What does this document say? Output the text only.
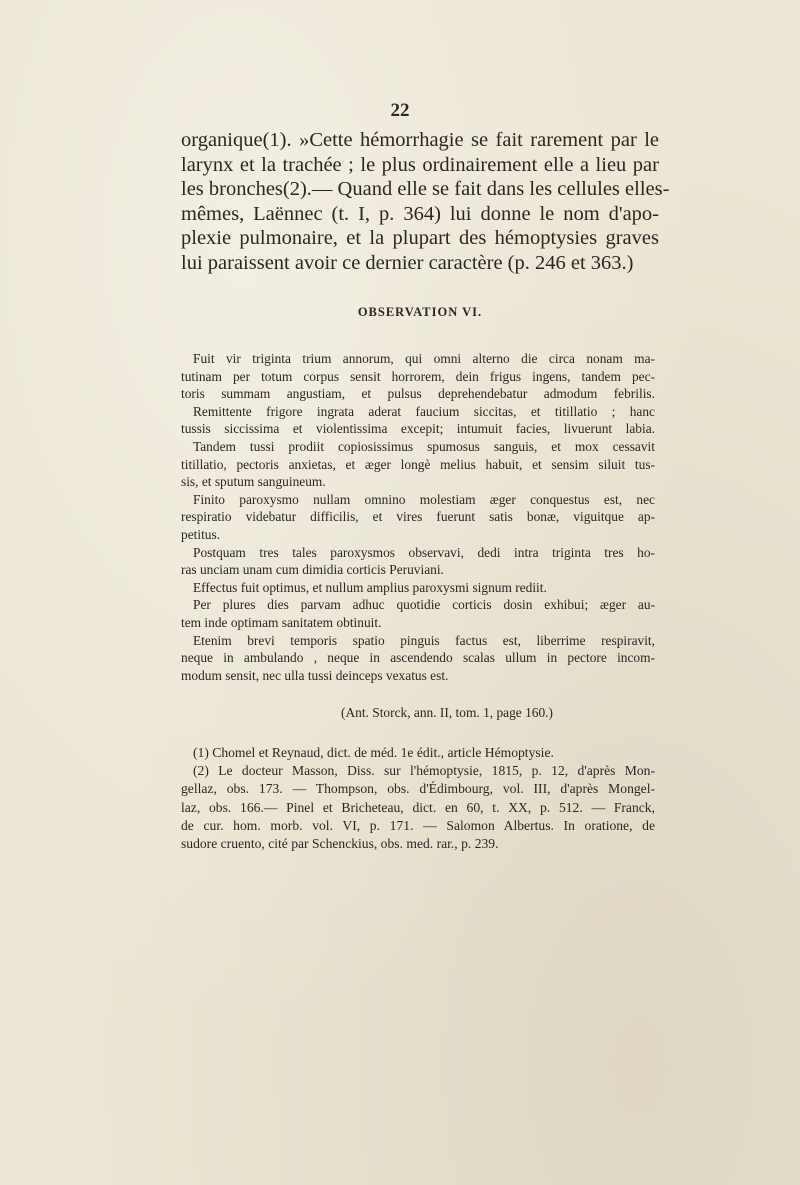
22
organique(1). »Cette hémorrhagie se fait rarement par le
larynx et la trachée ; le plus ordinairement elle a lieu par
les bronches(2).— Quand elle se fait dans les cellules elles-
mêmes, Laënnec (t. I, p. 364) lui donne le nom d'apo-
plexie pulmonaire, et la plupart des hémoptysies graves
lui paraissent avoir ce dernier caractère (p. 246 et 363.)
OBSERVATION VI.
Fuit vir triginta trium annorum, qui omni alterno die circa nonam ma-
tutinam per totum corpus sensit horrorem, dein frigus ingens, tandem pec-
toris summam angustiam, et pulsus deprehendebatur admodum febrilis.
Remittente frigore ingrata aderat faucium siccitas, et titillatio ; hanc
tussis siccissima et violentissima excepit; intumuit facies, livuerunt labia.
Tandem tussi prodiit copiosissimus spumosus sanguis, et mox cessavit
titillatio, pectoris anxietas, et æger longè melius habuit, et sensim siluit tus-
sis, et sputum sanguineum.
Finito paroxysmo nullam omnino molestiam æger conquestus est, nec
respiratio videbatur difficilis, et vires fuerunt satis bonæ, viguitque ap-
petitus.
Postquam tres tales paroxysmos observavi, dedi intra triginta tres ho-
ras unciam unam cum dimidia corticis Peruviani.
Effectus fuit optimus, et nullum amplius paroxysmi signum rediit.
Per plures dies parvam adhuc quotidie corticis dosin exhibui; æger au-
tem inde optimam sanitatem obtinuit.
Etenim brevi temporis spatio pinguis factus est, liberrime respiravit,
neque in ambulando , neque in ascendendo scalas ullum in pectore incom-
modum sensit, nec ulla tussi deinceps vexatus est.
(Ant. Storck, ann. II, tom. 1, page 160.)
(1) Chomel et Reynaud, dict. de méd. 1e édit., article Hémoptysie.
(2) Le docteur Masson, Diss. sur l'hémoptysie, 1815, p. 12, d'après Mon-
gellaz, obs. 173. — Thompson, obs. d'Édimbourg, vol. III, d'après Mongel-
laz, obs. 166.— Pinel et Bricheteau, dict. en 60, t. XX, p. 512. — Franck,
de cur. hom. morb. vol. VI, p. 171. — Salomon Albertus. In oratione, de
sudore cruento, cité par Schenckius, obs. med. rar., p. 239.
